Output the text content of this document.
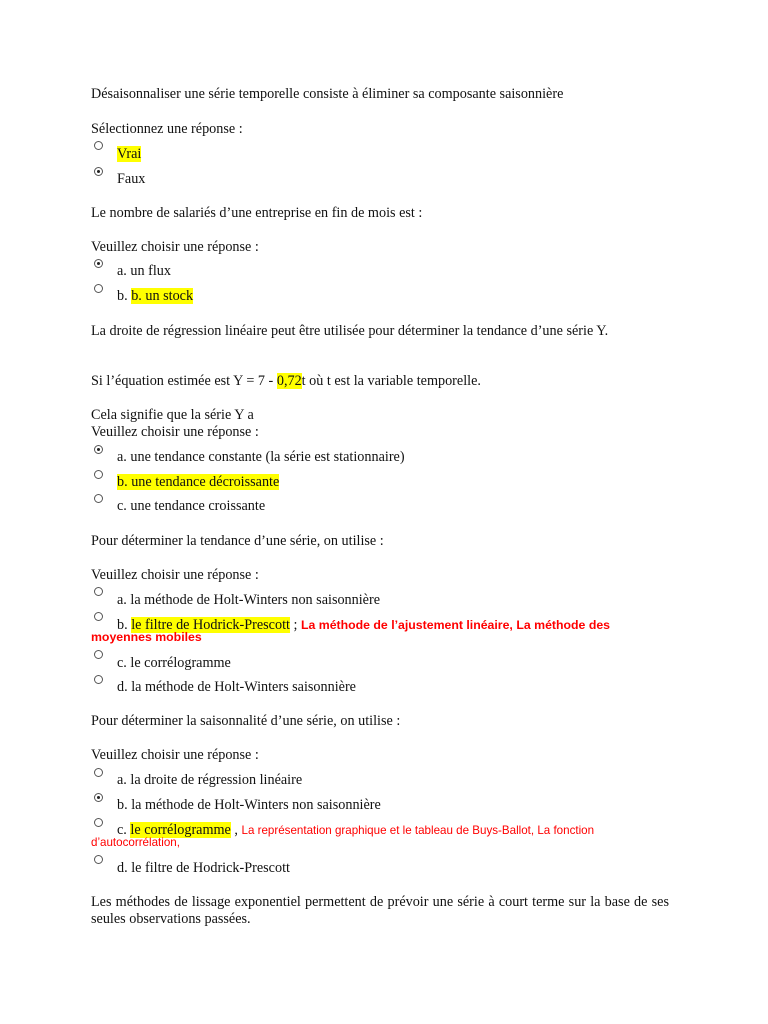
Désaisonnaliser une série temporelle consiste à éliminer sa composante saisonnière
Sélectionnez une réponse :
Vrai
Faux
Le nombre de salariés d’une entreprise en fin de mois est :
Veuillez choisir une réponse :
a. un flux
b. b. un stock
La droite de régression linéaire peut être utilisée pour déterminer la tendance d’une série Y.
Si l’équation estimée est Y = 7 - 0,72t où t est la variable temporelle.
Cela signifie que la série Y a
Veuillez choisir une réponse :
a. une tendance constante (la série est stationnaire)
b. une tendance décroissante
c. une tendance croissante
Pour déterminer la tendance d’une série, on utilise :
Veuillez choisir une réponse :
a. la méthode de Holt-Winters non saisonnière
b. le filtre de Hodrick-Prescott ; La méthode de l’ajustement linéaire, La méthode des
moyennes mobiles
c. le corrélogramme
d. la méthode de Holt-Winters saisonnière
Pour déterminer la saisonnalité d’une série, on utilise :
Veuillez choisir une réponse :
a. la droite de régression linéaire
b. la méthode de Holt-Winters non saisonnière
c. le corrélogramme , La représentation graphique et le tableau de Buys-Ballot, La fonction
d’autocorrélation,
d. le filtre de Hodrick-Prescott
Les méthodes de lissage exponentiel permettent de prévoir une série à court terme sur la base de ses seules observations passées.
